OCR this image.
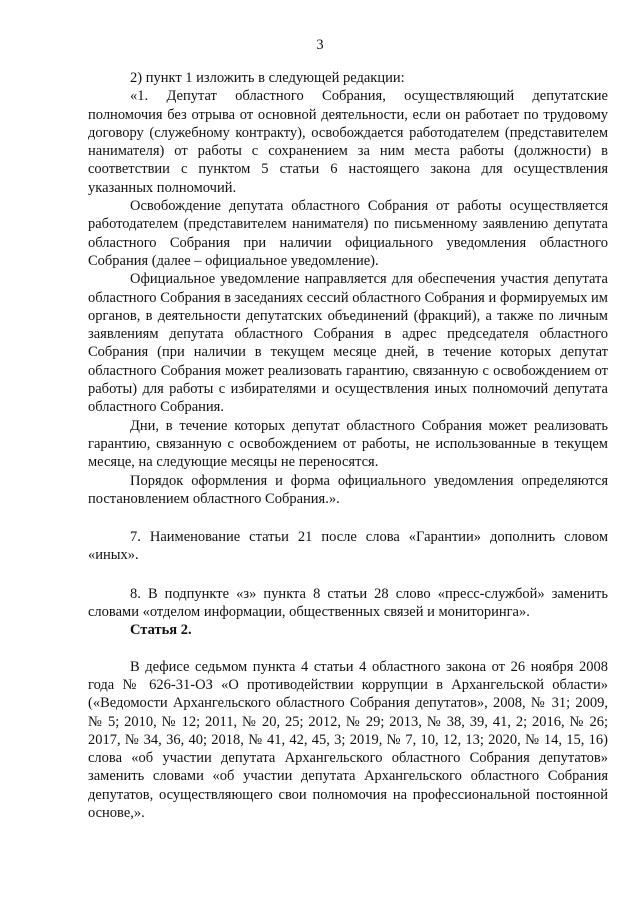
3

2) пункт 1 изложить в следующей редакции:

«1. Депутат областного Собрания, осуществляющий депутатские полномочия без отрыва от основной деятельности, если он работает по трудовому договору (служебному контракту), освобождается работодателем (представителем нанимателя) от работы с сохранением за ним места работы (должности) в соответствии с пунктом 5 статьи 6 настоящего закона для осуществления указанных полномочий.

Освобождение депутата областного Собрания от работы осуществляется работодателем (представителем нанимателя) по письменному заявлению депутата областного Собрания при наличии официального уведомления областного Собрания (далее – официальное уведомление).

Официальное уведомление направляется для обеспечения участия депутата областного Собрания в заседаниях сессий областного Собрания и формируемых им органов, в деятельности депутатских объединений (фракций), а также по личным заявлениям депутата областного Собрания в адрес председателя областного Собрания (при наличии в текущем месяце дней, в течение которых депутат областного Собрания может реализовать гарантию, связанную с освобождением от работы) для работы с избирателями и осуществления иных полномочий депутата областного Собрания.

Дни, в течение которых депутат областного Собрания может реализовать гарантию, связанную с освобождением от работы, не использованные в текущем месяце, на следующие месяцы не переносятся.

Порядок оформления и форма официального уведомления определяются постановлением областного Собрания.».

7. Наименование статьи 21 после слова «Гарантии» дополнить словом «иных».

8. В подпункте «з» пункта 8 статьи 28 слово «пресс-службой» заменить словами «отделом информации, общественных связей и мониторинга».

Статья 2.

В дефисе седьмом пункта 4 статьи 4 областного закона от 26 ноября 2008 года № 626-31-ОЗ «О противодействии коррупции в Архангельской области» («Ведомости Архангельского областного Собрания депутатов», 2008, № 31; 2009, № 5; 2010, № 12; 2011, № 20, 25; 2012, № 29; 2013, № 38, 39, 41, 2; 2016, № 26; 2017, № 34, 36, 40; 2018, № 41, 42, 45, 3; 2019, № 7, 10, 12, 13; 2020, № 14, 15, 16) слова «об участии депутата Архангельского областного Собрания депутатов» заменить словами «об участии депутата Архангельского областного Собрания депутатов, осуществляющего свои полномочия на профессиональной постоянной основе,».
